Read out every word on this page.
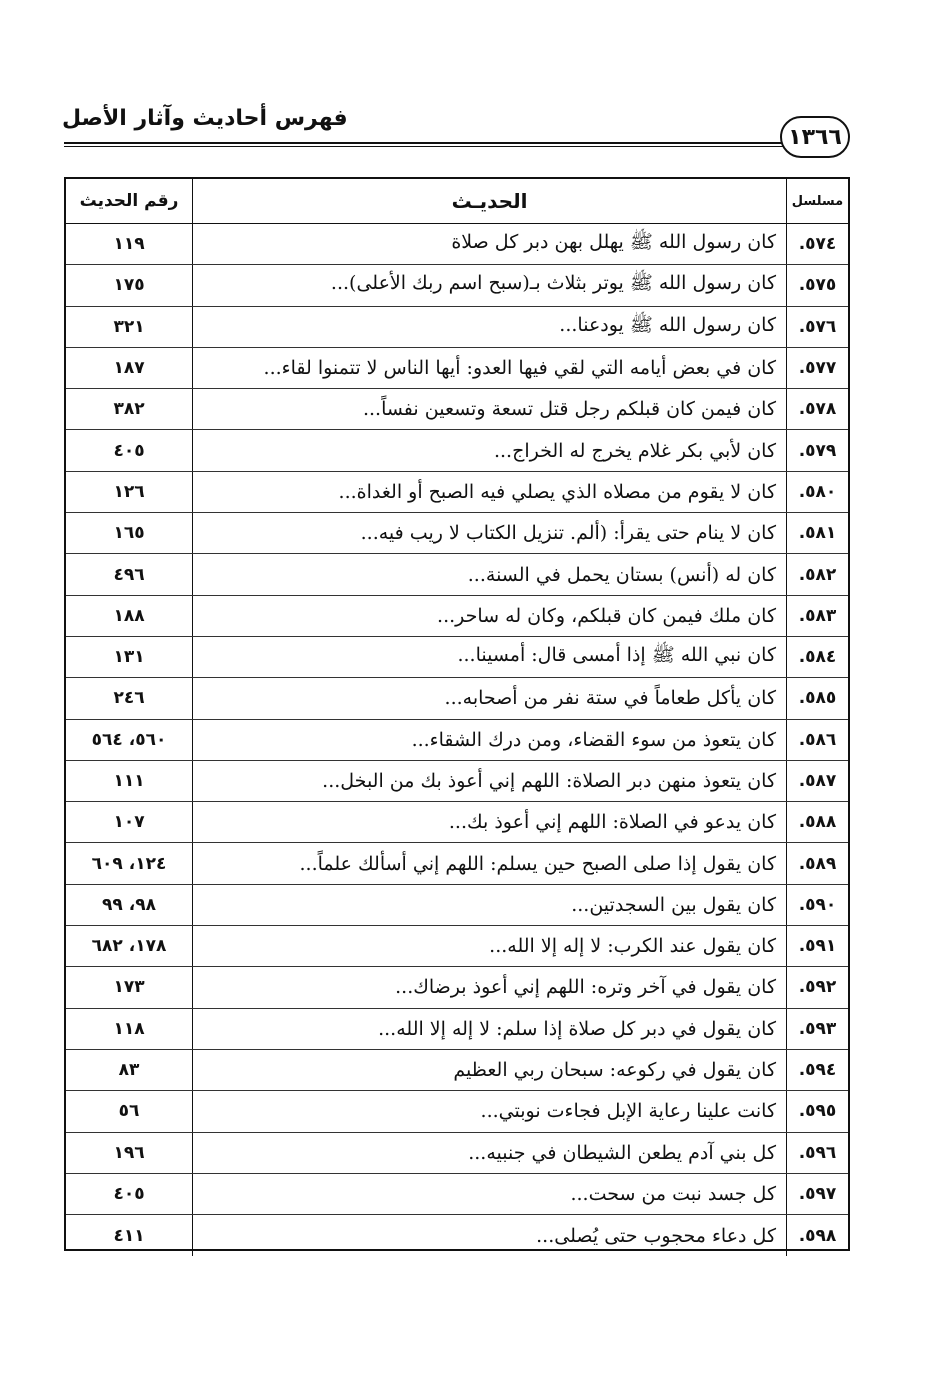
فهرس أحاديث وآثار الأصل
١٣٦٦
مسلسل
الحديـث
رقم الحديث
٥٧٤.
كان رسول الله ﷺ يهلل بهن دبر كل صلاة
١١٩
٥٧٥.
كان رسول الله ﷺ يوتر بثلاث بـ(سبح اسم ربك الأعلى)...
١٧٥
٥٧٦.
كان رسول الله ﷺ يودعنا...
٣٢١
٥٧٧.
كان في بعض أيامه التي لقي فيها العدو: أيها الناس لا تتمنوا لقاء...
١٨٧
٥٧٨.
كان فيمن كان قبلكم رجل قتل تسعة وتسعين نفساً...
٣٨٢
٥٧٩.
كان لأبي بكر غلام يخرج له الخراج...
٤٠٥
٥٨٠.
كان لا يقوم من مصلاه الذي يصلي فيه الصبح أو الغداة...
١٢٦
٥٨١.
كان لا ينام حتى يقرأ: (ألم. تنزيل الكتاب لا ريب فيه...
١٦٥
٥٨٢.
كان له (أنس) بستان يحمل في السنة...
٤٩٦
٥٨٣.
كان ملك فيمن كان قبلكم، وكان له ساحر...
١٨٨
٥٨٤.
كان نبي الله ﷺ إذا أمسى قال: أمسينا...
١٣١
٥٨٥.
كان يأكل طعاماً في ستة نفر من أصحابه...
٢٤٦
٥٨٦.
كان يتعوذ من سوء القضاء، ومن درك الشقاء...
٥٦٠، ٥٦٤
٥٨٧.
كان يتعوذ منهن دبر الصلاة: اللهم إني أعوذ بك من البخل...
١١١
٥٨٨.
كان يدعو في الصلاة: اللهم إني أعوذ بك...
١٠٧
٥٨٩.
كان يقول إذا صلى الصبح حين يسلم: اللهم إني أسألك علماً...
١٢٤، ٦٠٩
٥٩٠.
كان يقول بين السجدتين...
٩٨، ٩٩
٥٩١.
كان يقول عند الكرب: لا إله إلا الله...
١٧٨، ٦٨٢
٥٩٢.
كان يقول في آخر وتره: اللهم إني أعوذ برضاك...
١٧٣
٥٩٣.
كان يقول في دبر كل صلاة إذا سلم: لا إله إلا الله...
١١٨
٥٩٤.
كان يقول في ركوعه: سبحان ربي العظيم
٨٣
٥٩٥.
كانت علينا رعاية الإبل فجاءت نوبتي...
٥٦
٥٩٦.
كل بني آدم يطعن الشيطان في جنبيه...
١٩٦
٥٩٧.
كل جسد نبت من سحت...
٤٠٥
٥٩٨.
كل دعاء محجوب حتى يُصلى...
٤١١
